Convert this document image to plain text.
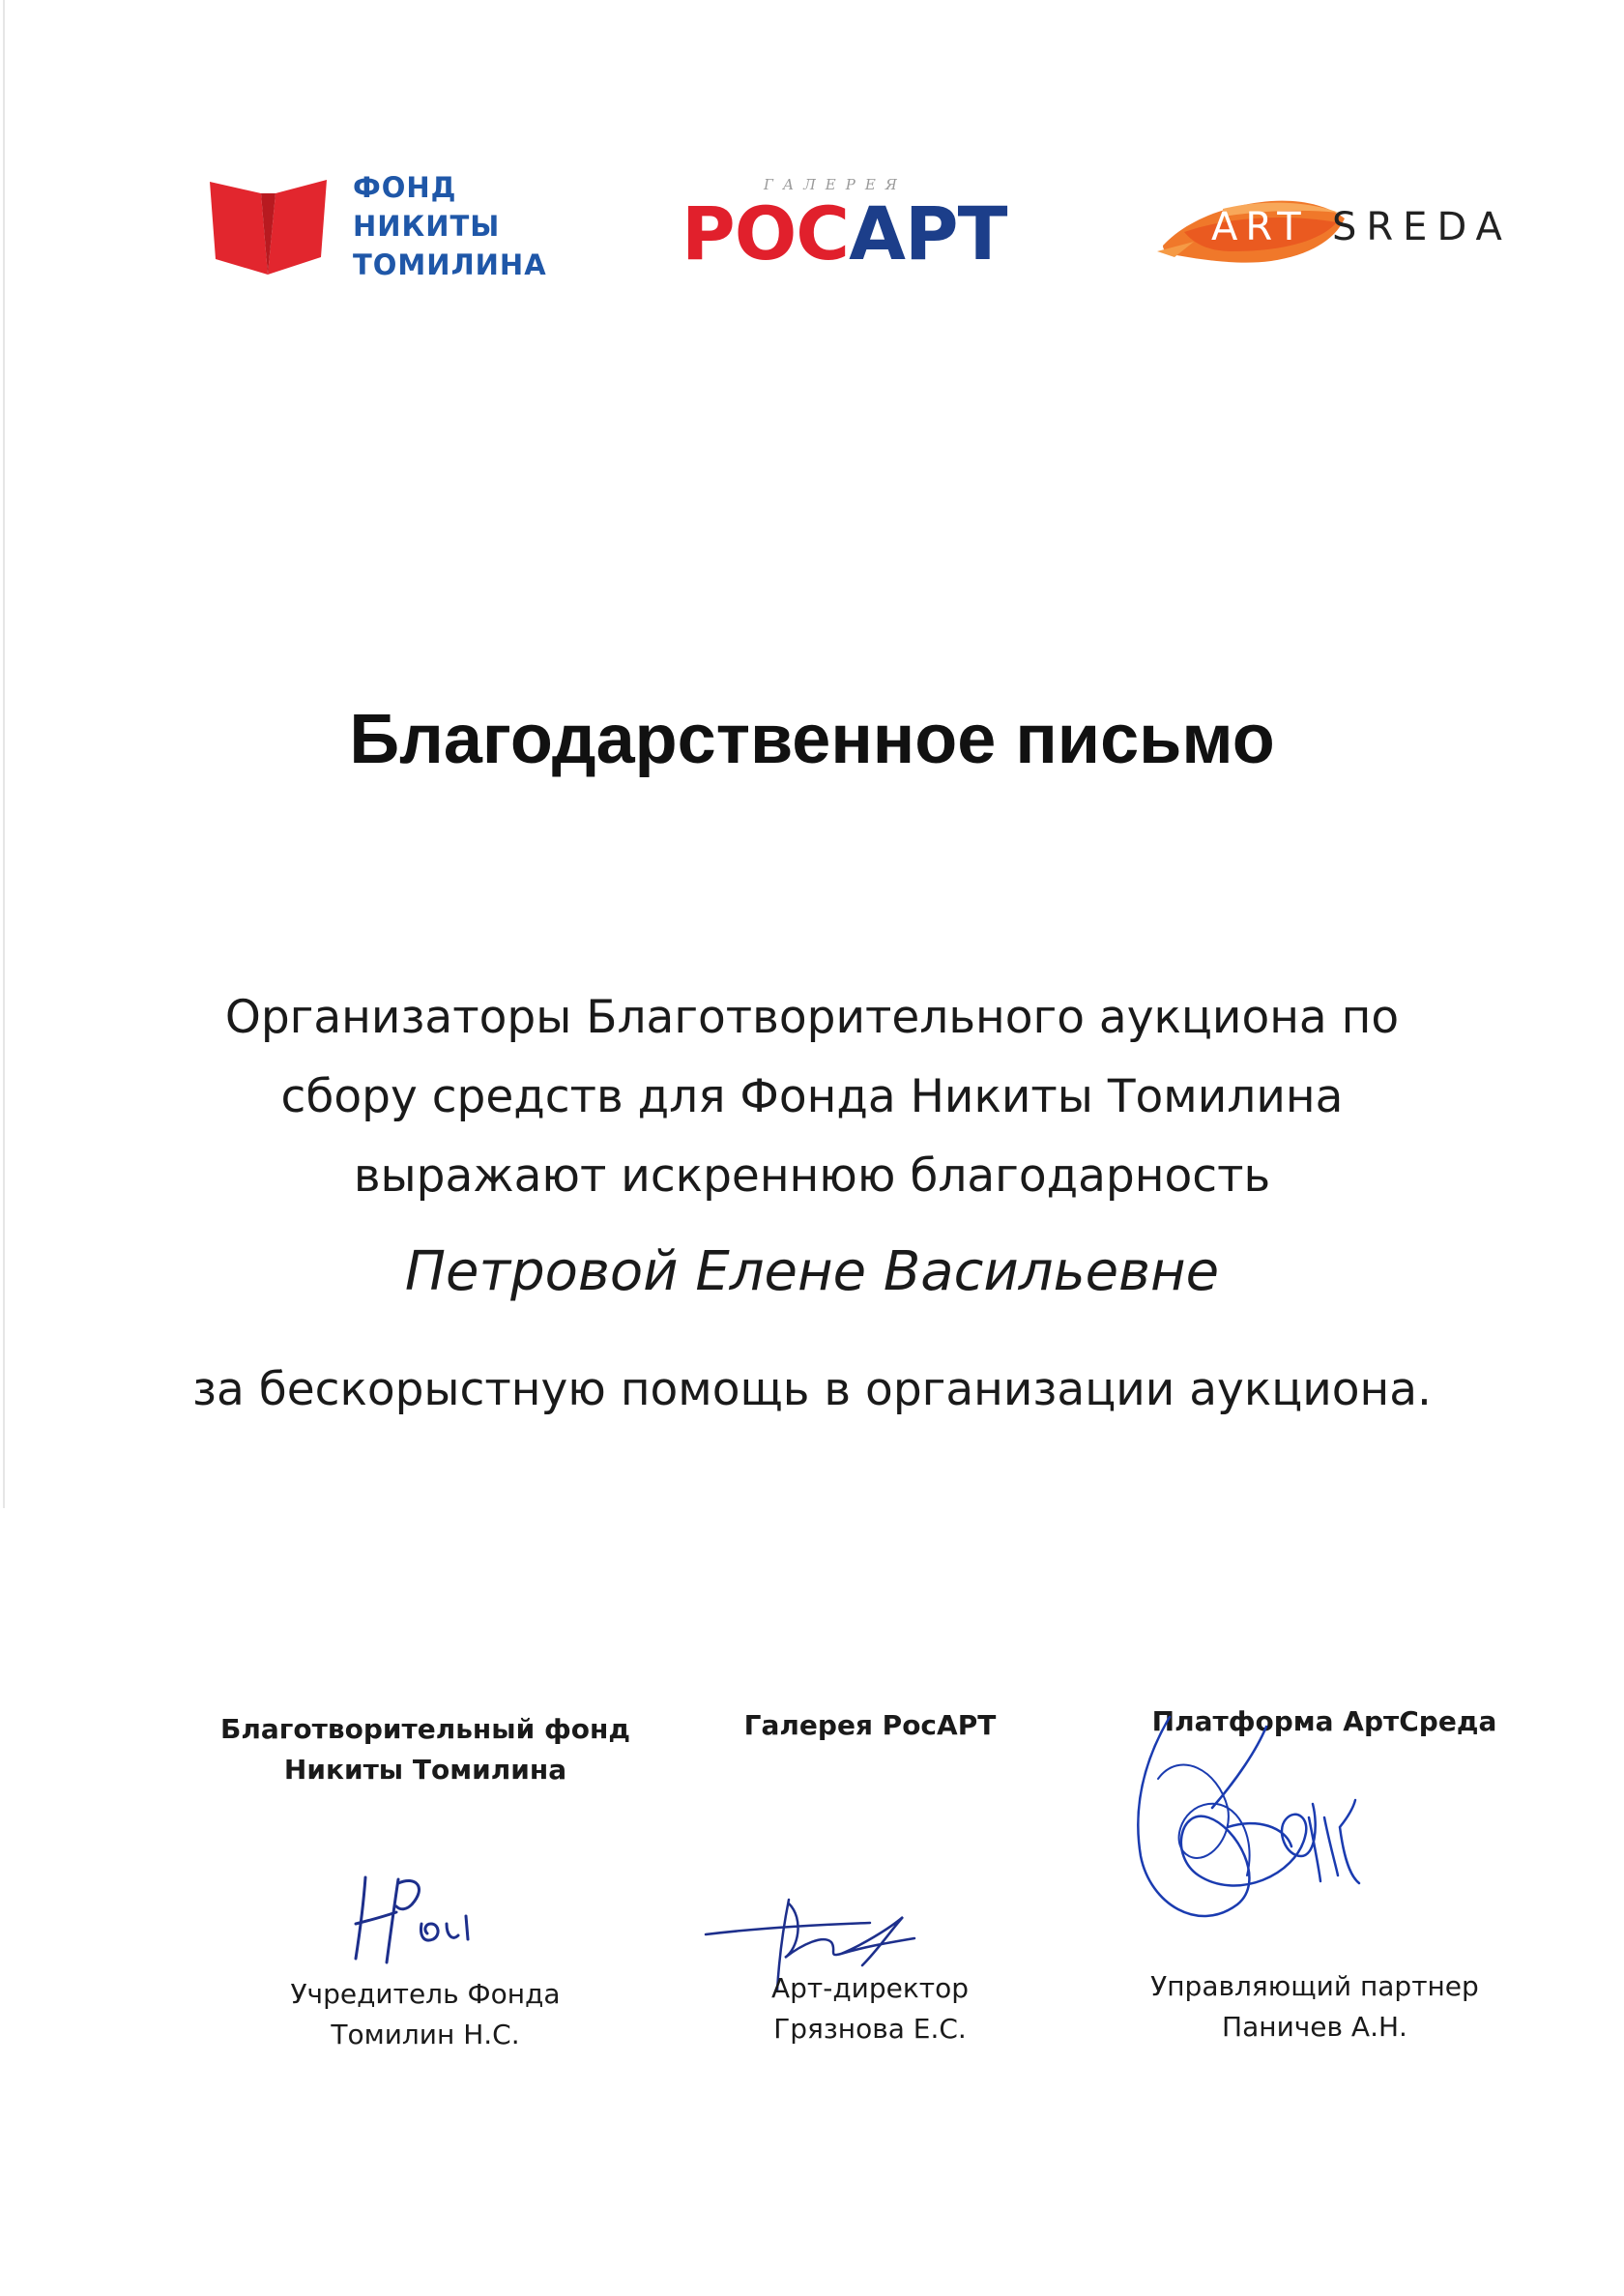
ФОНД
НИКИТЫ
ТОМИЛИНА
ГАЛЕРЕЯ
РОСАРТ	ART SREDA
Благодарственное письмо
Организаторы Благотворительного аукциона по
сбору средств для Фонда Никиты Томилина
выражают искреннюю благодарность
Петровой Елене Васильевне
за бескорыстную помощь в организации аукциона.
Благотворительный фонд
Никиты Томилина
Учредитель Фонда
Томилин Н.С.
Галерея РосАРТ
Арт-директор
Грязнова Е.С.
Платформа АртСреда
Управляющий партнер
Паничев А.Н.
